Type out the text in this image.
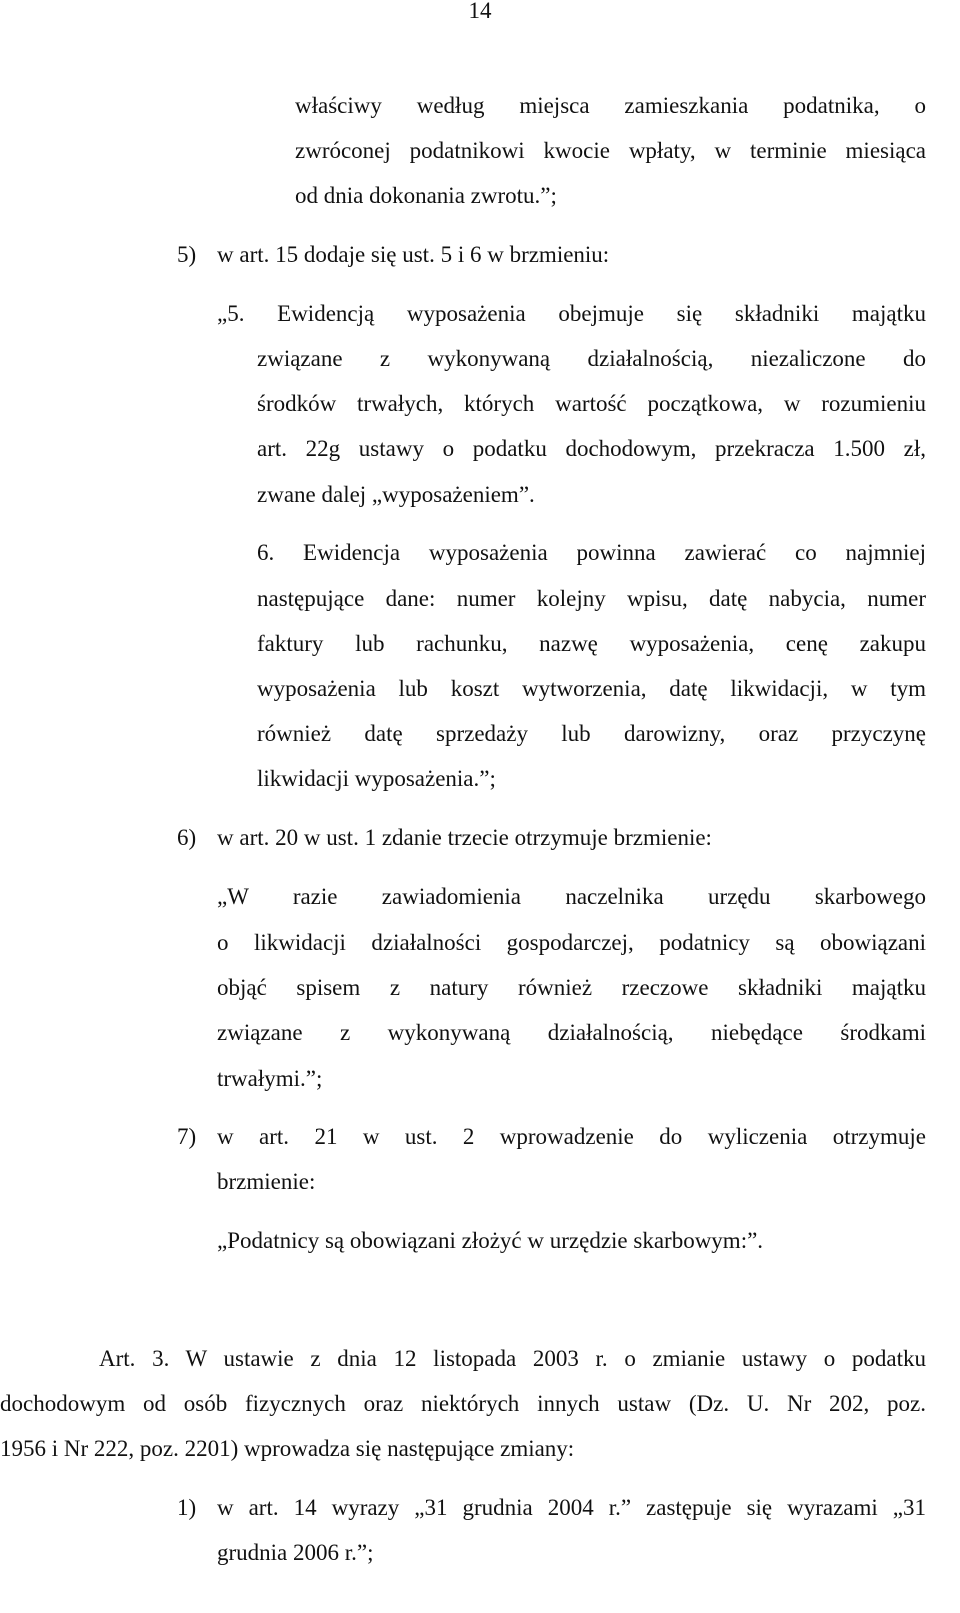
14
właściwy według miejsca zamieszkania podatnika, o
zwróconej podatnikowi kwocie wpłaty, w terminie miesiąca
od dnia dokonania zwrotu.”;
5) w art. 15 dodaje się ust. 5 i 6 w brzmieniu:
„5. Ewidencją wyposażenia obejmuje się składniki majątku
związane z wykonywaną działalnością, niezaliczone do
środków trwałych, których wartość początkowa, w rozumieniu
art. 22g ustawy o podatku dochodowym, przekracza 1.500 zł,
zwane dalej „wyposażeniem”.
6. Ewidencja wyposażenia powinna zawierać co najmniej
następujące dane: numer kolejny wpisu, datę nabycia, numer
faktury lub rachunku, nazwę wyposażenia, cenę zakupu
wyposażenia lub koszt wytworzenia, datę likwidacji, w tym
również datę sprzedaży lub darowizny, oraz przyczynę
likwidacji wyposażenia.”;
6) w art. 20 w ust. 1 zdanie trzecie otrzymuje brzmienie:
„W razie zawiadomienia naczelnika urzędu skarbowego
o likwidacji działalności gospodarczej, podatnicy są obowiązani
objąć spisem z natury również rzeczowe składniki majątku
związane z wykonywaną działalnością, niebędące środkami
trwałymi.”;
7) w art. 21 w ust. 2 wprowadzenie do wyliczenia otrzymuje
brzmienie:
„Podatnicy są obowiązani złożyć w urzędzie skarbowym:”.
Art. 3. W ustawie z dnia 12 listopada 2003 r. o zmianie ustawy o podatku
dochodowym od osób fizycznych oraz niektórych innych ustaw (Dz. U. Nr 202, poz.
1956 i Nr 222, poz. 2201) wprowadza się następujące zmiany:
1) w art. 14 wyrazy „31 grudnia 2004 r.” zastępuje się wyrazami „31
grudnia 2006 r.”;
